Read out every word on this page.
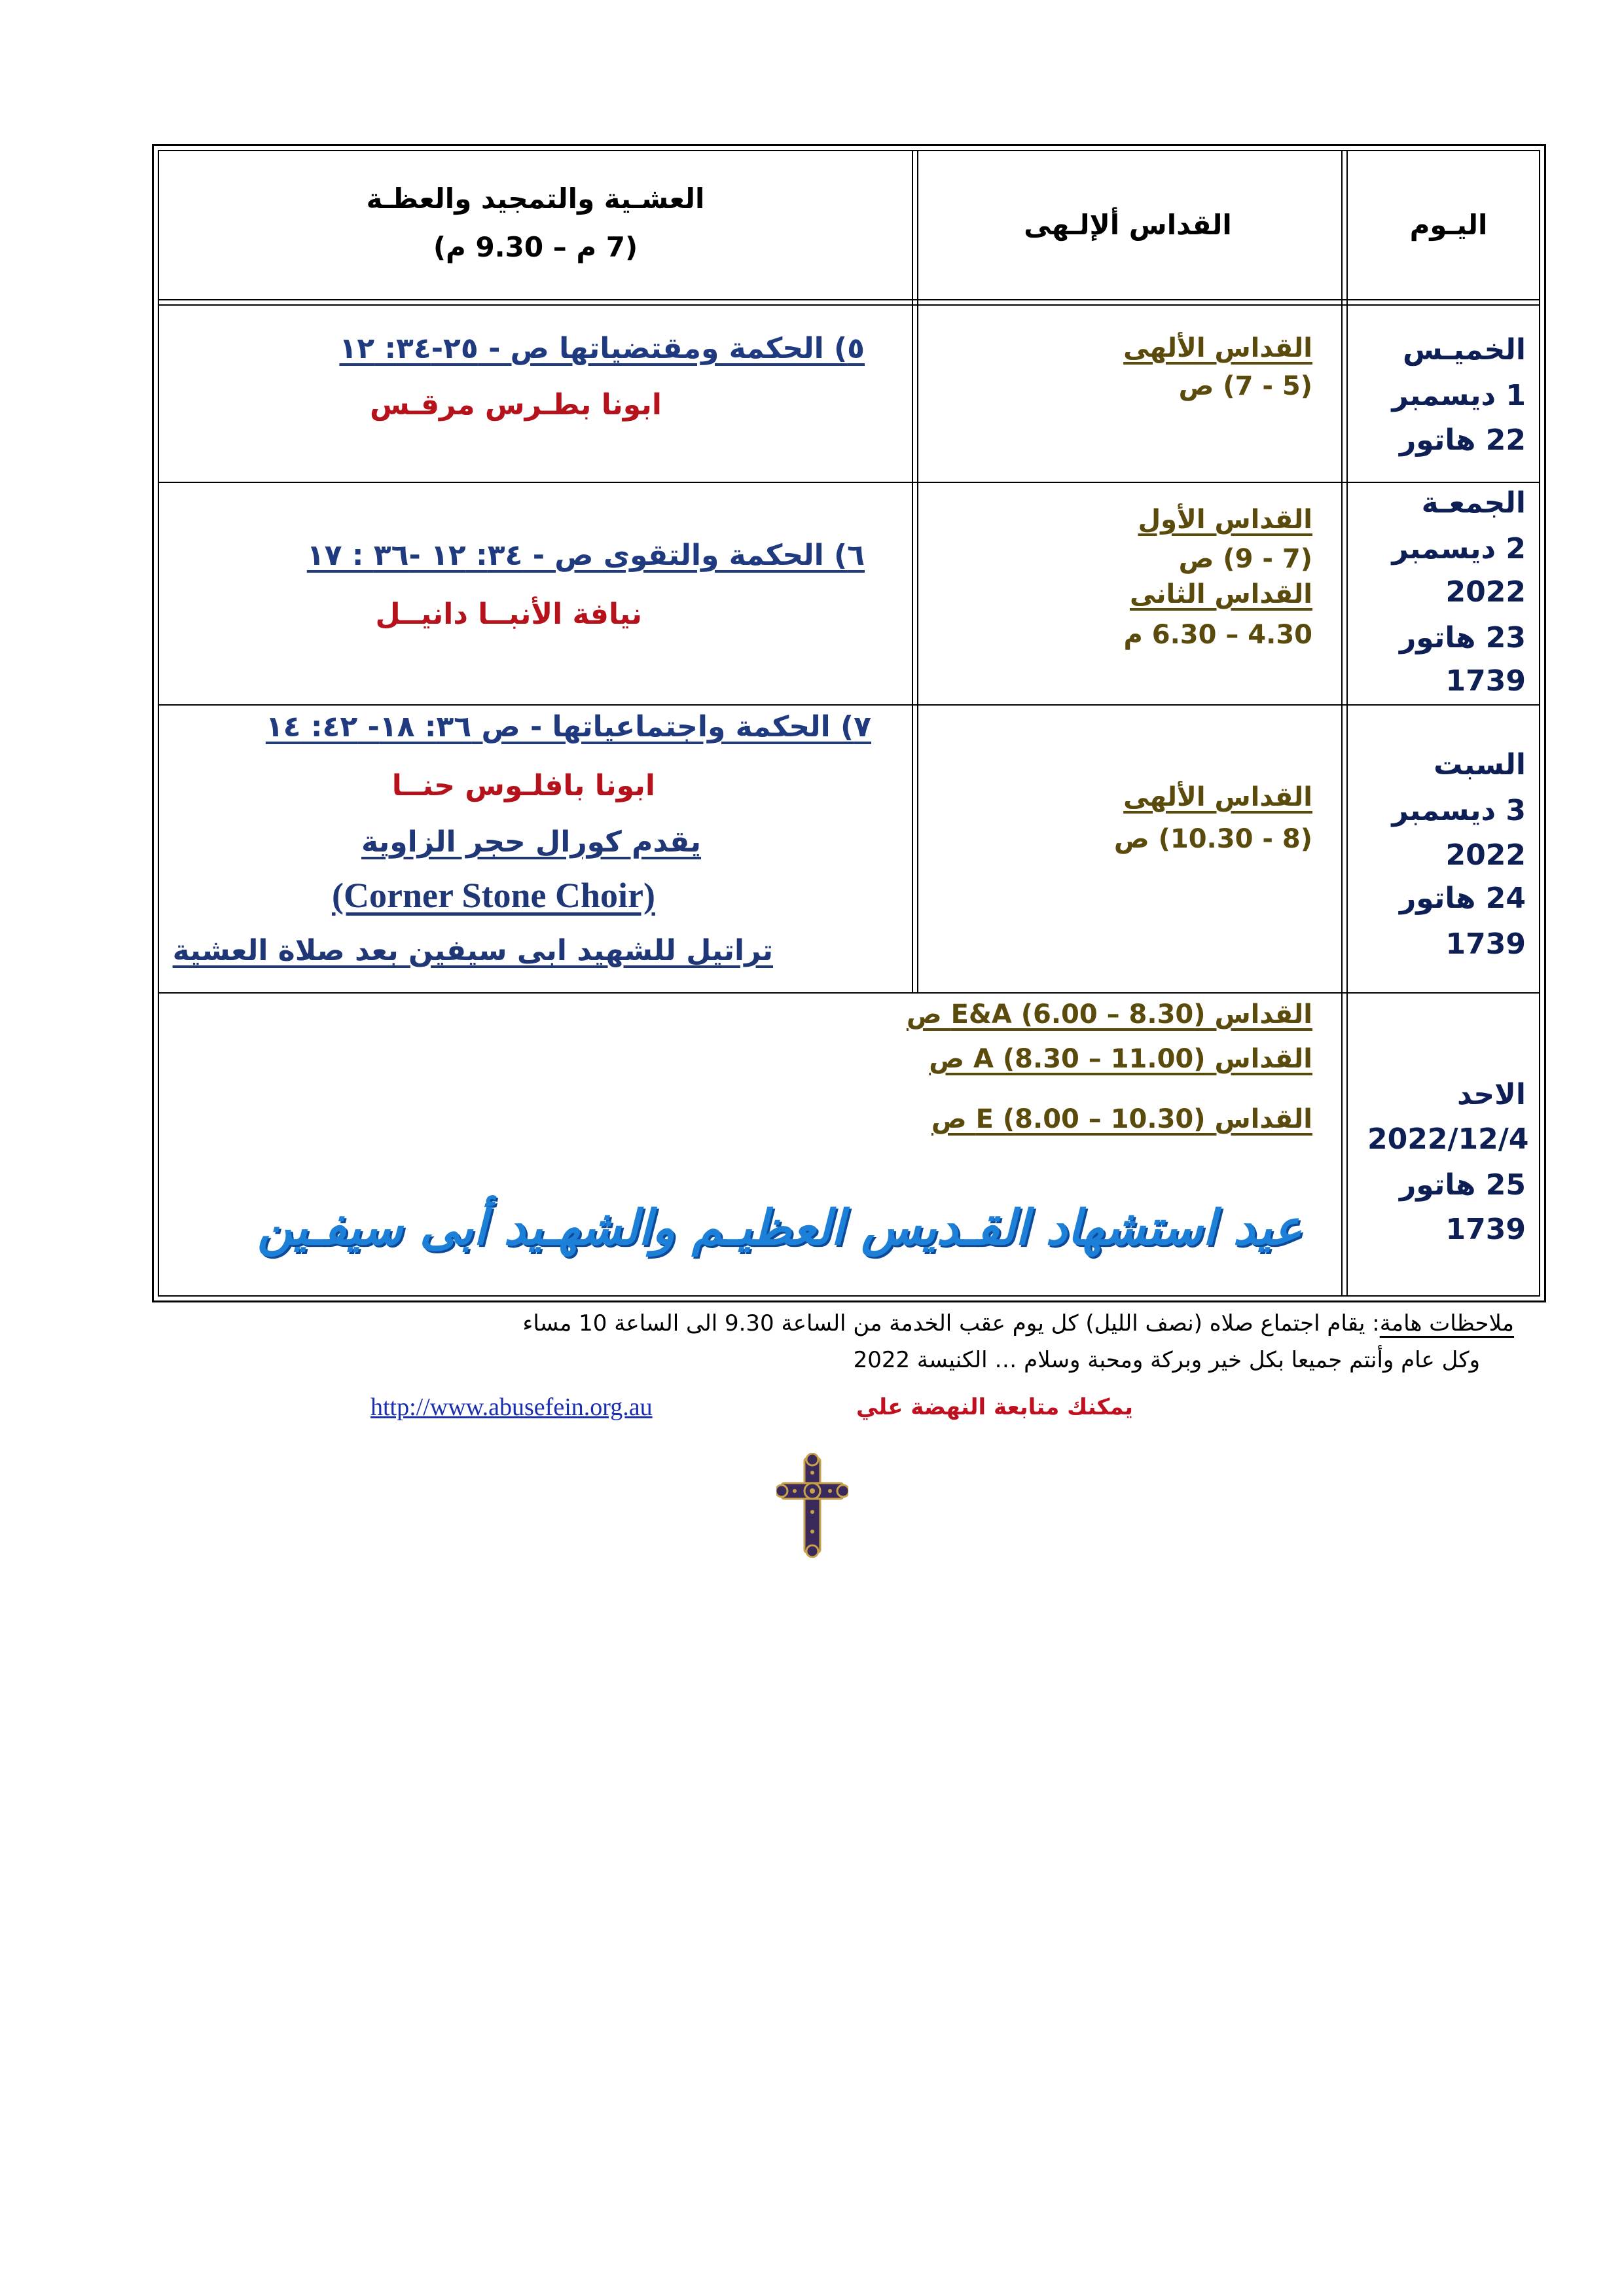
اليـوم
القداس ألإلـهى
العشـية والتمجيد والعظـة
(7 م – 9.30 م)
الخميـس
1 ديسمبر
22 هاتور
القداس الألهى
(5 - 7) ص
٥) الحكمة ومقتضياتها ص - ٢٥-٣٤: ١٢
ابونا بطـرس مرقـس
الجمعـة
2 ديسمبر
2022
23 هاتور
1739
القداس الأول
(7 - 9) ص
القداس الثانى
4.30 – 6.30 م
٦) الحكمة والتقوى ص - ٣٤: ١٢ -٣٦ : ١٧
نيافة الأنبــا دانيــل
السبت
3 ديسمبر
2022
24 هاتور
1739
القداس الألهى
(8 - 10.30) ص
٧) الحكمة واجتماعياتها - ص ٣٦: ١٨- ٤٢: ١٤
ابونا بافلـوس حنــا
يقدم كورال حجر الزاوية
(Corner Stone Choir)
تراتيل للشهيد ابى سيفين بعد صلاة العشية
الاحد
2022/12/4
25 هاتور
1739
القداس E&A (6.00 – 8.30) ص
القداس A (8.30 – 11.00) ص
القداس E (8.00 – 10.30) ص
عيد استشهاد القـديس العظيـم والشهـيد أبى سيفـين
ملاحظات هامة: يقام اجتماع صلاه (نصف الليل) كل يوم عقب الخدمة من الساعة 9.30 الى الساعة 10 مساء
وكل عام وأنتم جميعا بكل خير وبركة ومحبة وسلام … الكنيسة 2022
يمكنك متابعة النهضة علي
http://www.abusefein.org.au
